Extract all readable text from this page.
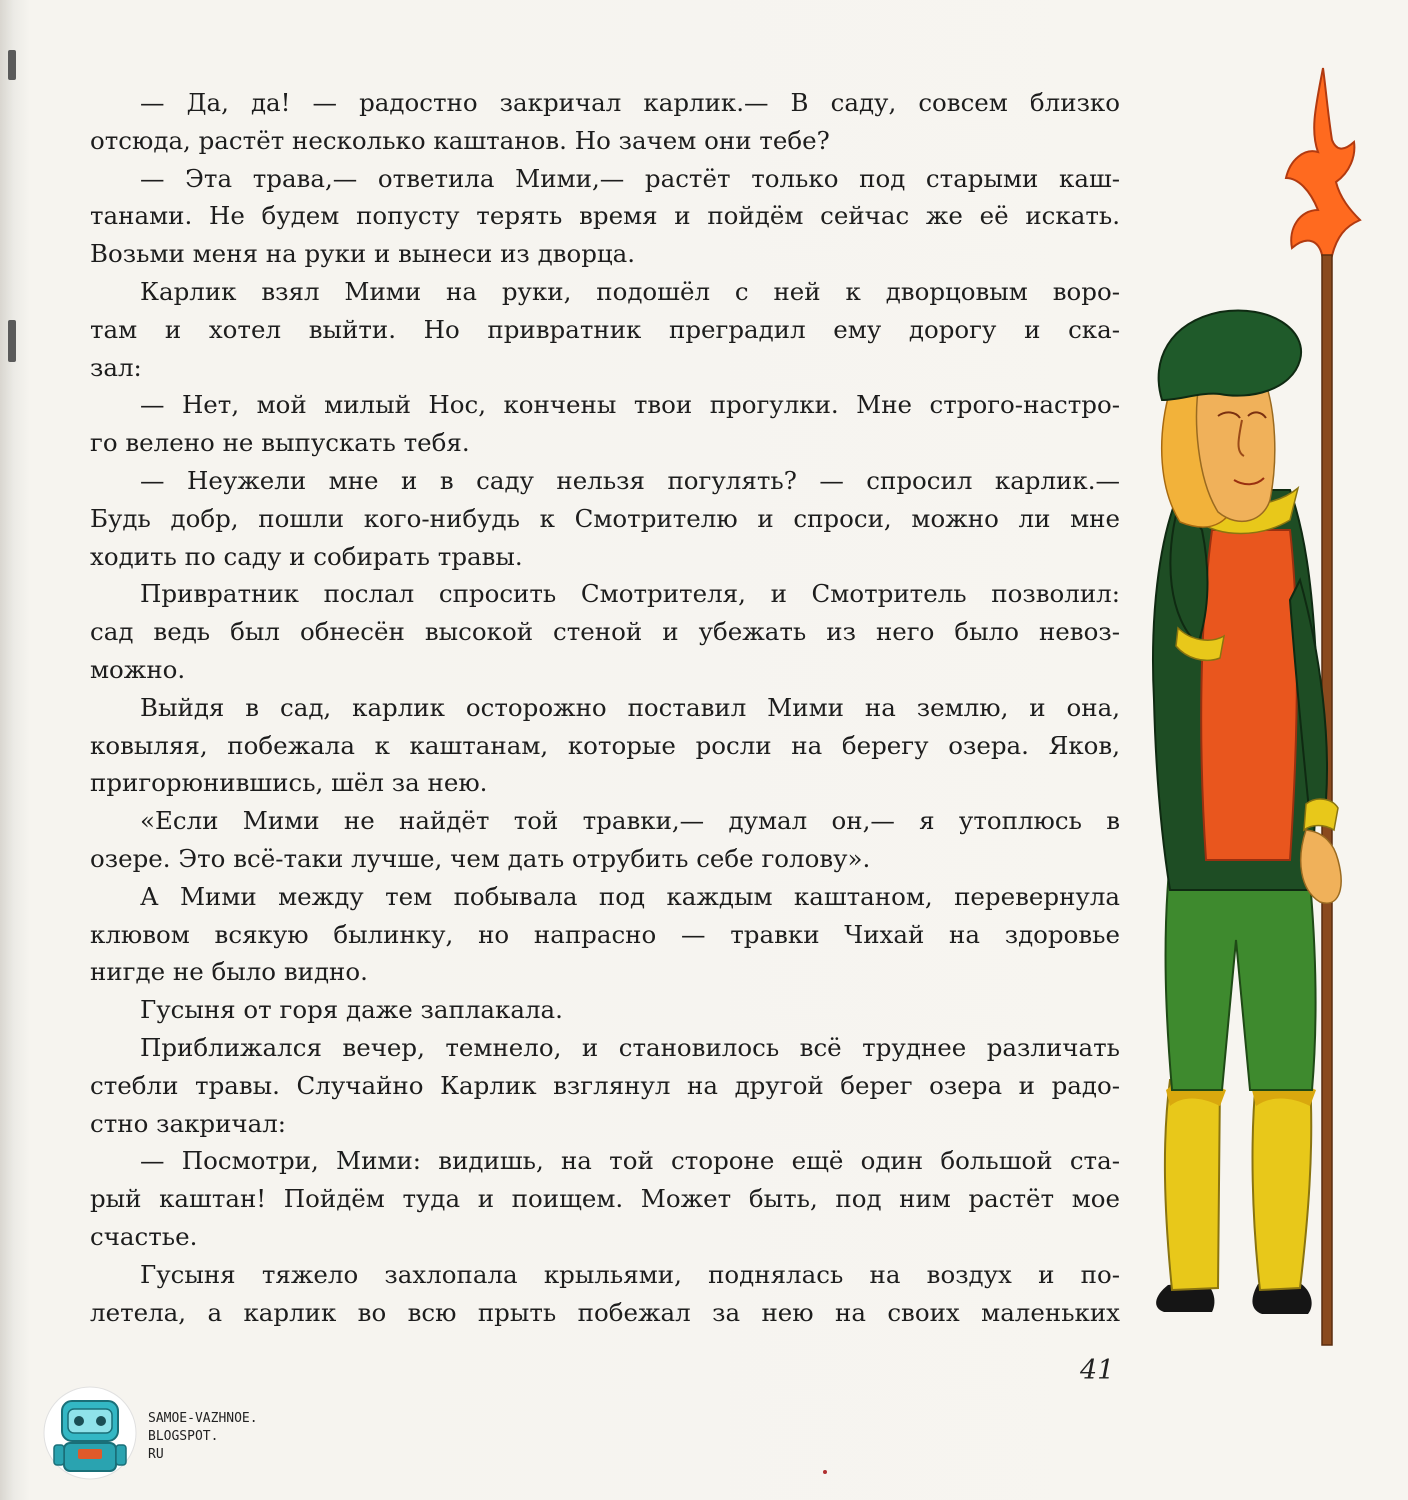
— Да, да! — радостно закричал карлик.— В саду, совсем близко

отсюда, растёт несколько каштанов. Но зачем они тебе?

— Эта трава,— ответила Мими,— растёт только под старыми каш-

танами. Не будем попусту терять время и пойдём сейчас же её искать.

Возьми меня на руки и вынеси из дворца.

Карлик взял Мими на руки, подошёл с ней к дворцовым воро-

там и хотел выйти. Но привратник преградил ему дорогу и ска-

зал:

— Нет, мой милый Нос, кончены твои прогулки. Мне строго-настро-

го велено не выпускать тебя.

— Неужели мне и в саду нельзя погулять? — спросил карлик.—

Будь добр, пошли кого-нибудь к Смотрителю и спроси, можно ли мне

ходить по саду и собирать травы.

Привратник послал спросить Смотрителя, и Смотритель позволил:

сад ведь был обнесён высокой стеной и убежать из него было невоз-

можно.

Выйдя в сад, карлик осторожно поставил Мими на землю, и она,

ковыляя, побежала к каштанам, которые росли на берегу озера. Яков,

пригорюнившись, шёл за нею.

«Если Мими не найдёт той травки,— думал он,— я утоплюсь в

озере. Это всё-таки лучше, чем дать отрубить себе голову».

А Мими между тем побывала под каждым каштаном, перевернула

клювом всякую былинку, но напрасно — травки Чихай на здоровье

нигде не было видно.

Гусыня от горя даже заплакала.

Приближался вечер, темнело, и становилось всё труднее различать

стебли травы. Случайно Карлик взглянул на другой берег озера и радо-

стно закричал:

— Посмотри, Мими: видишь, на той стороне ещё один большой ста-

рый каштан! Пойдём туда и поищем. Может быть, под ним растёт мое

счастье.

Гусыня тяжело захлопала крыльями, поднялась на воздух и по-

летела, а карлик во всю прыть побежал за нею на своих маленьких

41
SAMOE-VAZHNOE.
BLOGSPOT.
RU
